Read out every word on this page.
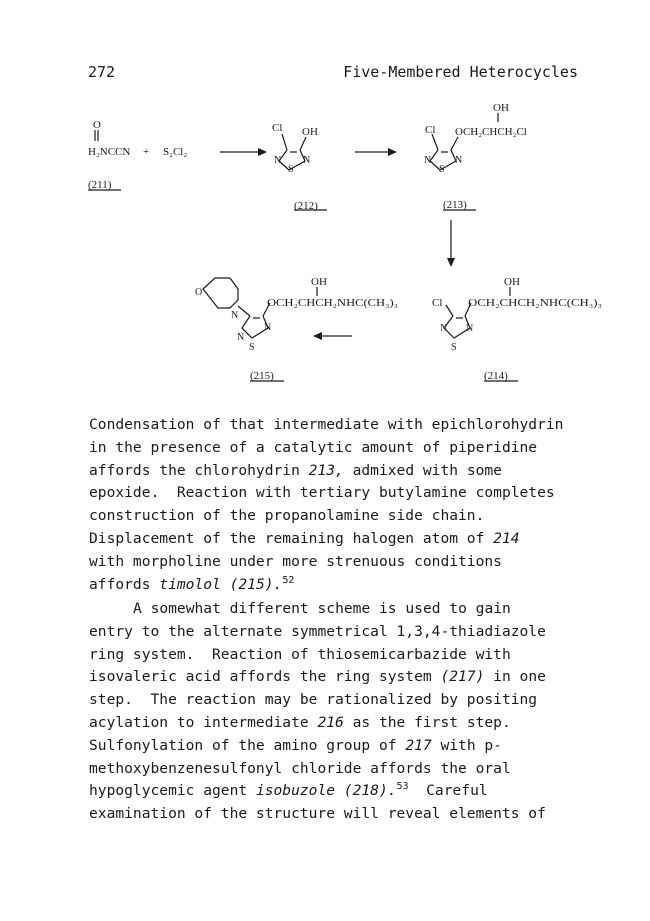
272	Five-Membered Heterocycles
O
H₂NCCN + S₂Cl₂
(211)
Cl OH
N N
S
(212)
OH
Cl OCH₂CHCH₂Cl
N N
S
(213)
OH
Cl OCH₂CHCH₂NHC(CH₃)₃
N N
S
(214)
OH
OCH₂CHCH₂NHC(CH₃)₃
O
N
N
N
S
(215)
Condensation of that intermediate with epichlorohydrin
in the presence of a catalytic amount of piperidine
affords the chlorohydrin 213, admixed with some
epoxide.  Reaction with tertiary butylamine completes
construction of the propanolamine side chain.
Displacement of the remaining halogen atom of 214
with morpholine under more strenuous conditions
affords timolol (215).$^{52}$
A somewhat different scheme is used to gain
entry to the alternate symmetrical 1,3,4-thiadiazole
ring system.  Reaction of thiosemicarbazide with
isovaleric acid affords the ring system (217) in one
step.  The reaction may be rationalized by positing
acylation to intermediate 216 as the first step.
Sulfonylation of the amino group of 217 with p-
methoxybenzenesulfonyl chloride affords the oral
hypoglycemic agent isobuzole (218).$^{53}$  Careful
examination of the structure will reveal elements of
